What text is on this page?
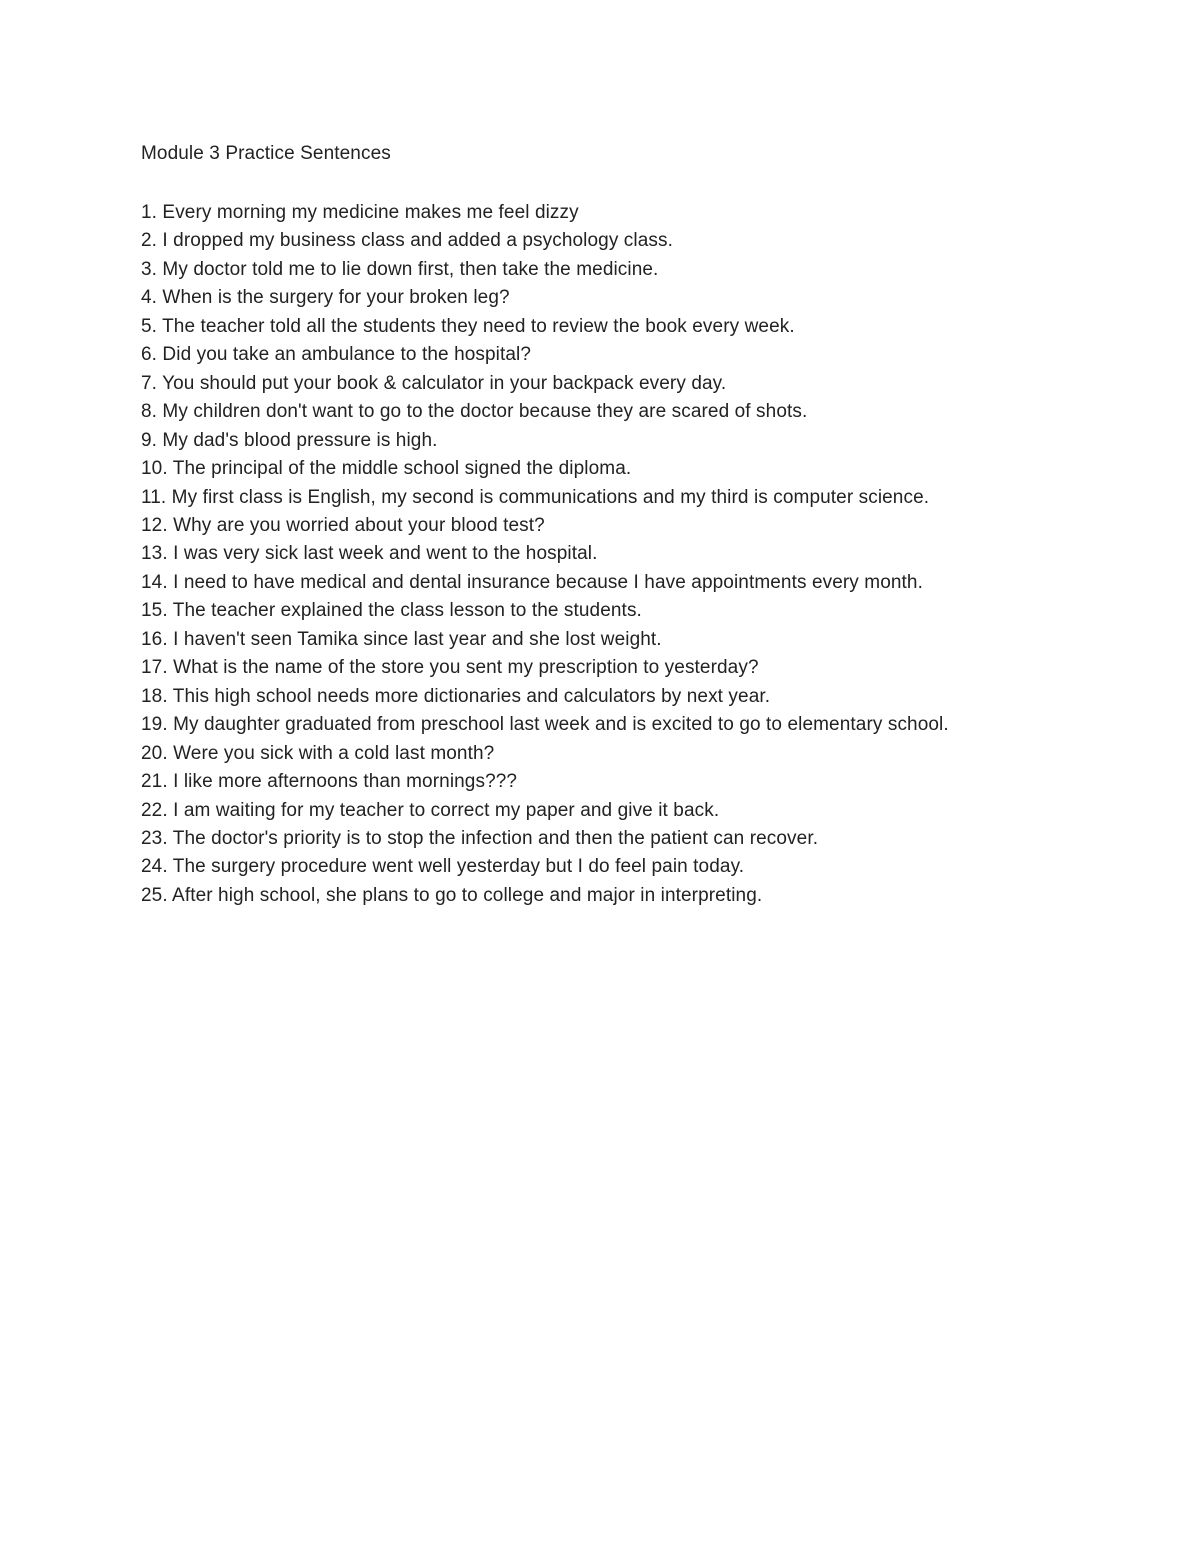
Module 3 Practice Sentences
1. Every morning my medicine makes me feel dizzy
2. I dropped my business class and added a psychology class.
3. My doctor told me to lie down first, then take the medicine.
4. When is the surgery for your broken leg?
5. The teacher told all the students they need to review the book every week.
6. Did you take an ambulance to the hospital?
7. You should put your book & calculator in your backpack every day.
8. My children don't want to go to the doctor because they are scared of shots.
9. My dad's blood pressure is high.
10. The principal of the middle school signed the diploma.
11. My first class is English, my second is communications and my third is computer science.
12. Why are you worried about your blood test?
13. I was very sick last week and went to the hospital.
14. I need to have medical and dental insurance because I have appointments every month.
15. The teacher explained the class lesson to the students.
16. I haven't seen Tamika since last year and she lost weight.
17. What is the name of the store you sent my prescription to yesterday?
18. This high school needs more dictionaries and calculators by next year.
19. My daughter graduated from preschool last week and is excited to go to elementary school.
20. Were you sick with a cold last month?
21. I like more afternoons than mornings???
22. I am waiting for my teacher to correct my paper and give it back.
23. The doctor's priority is to stop the infection and then the patient can recover.
24. The surgery procedure went well yesterday but I do feel pain today.
25. After high school, she plans to go to college and major in interpreting.
